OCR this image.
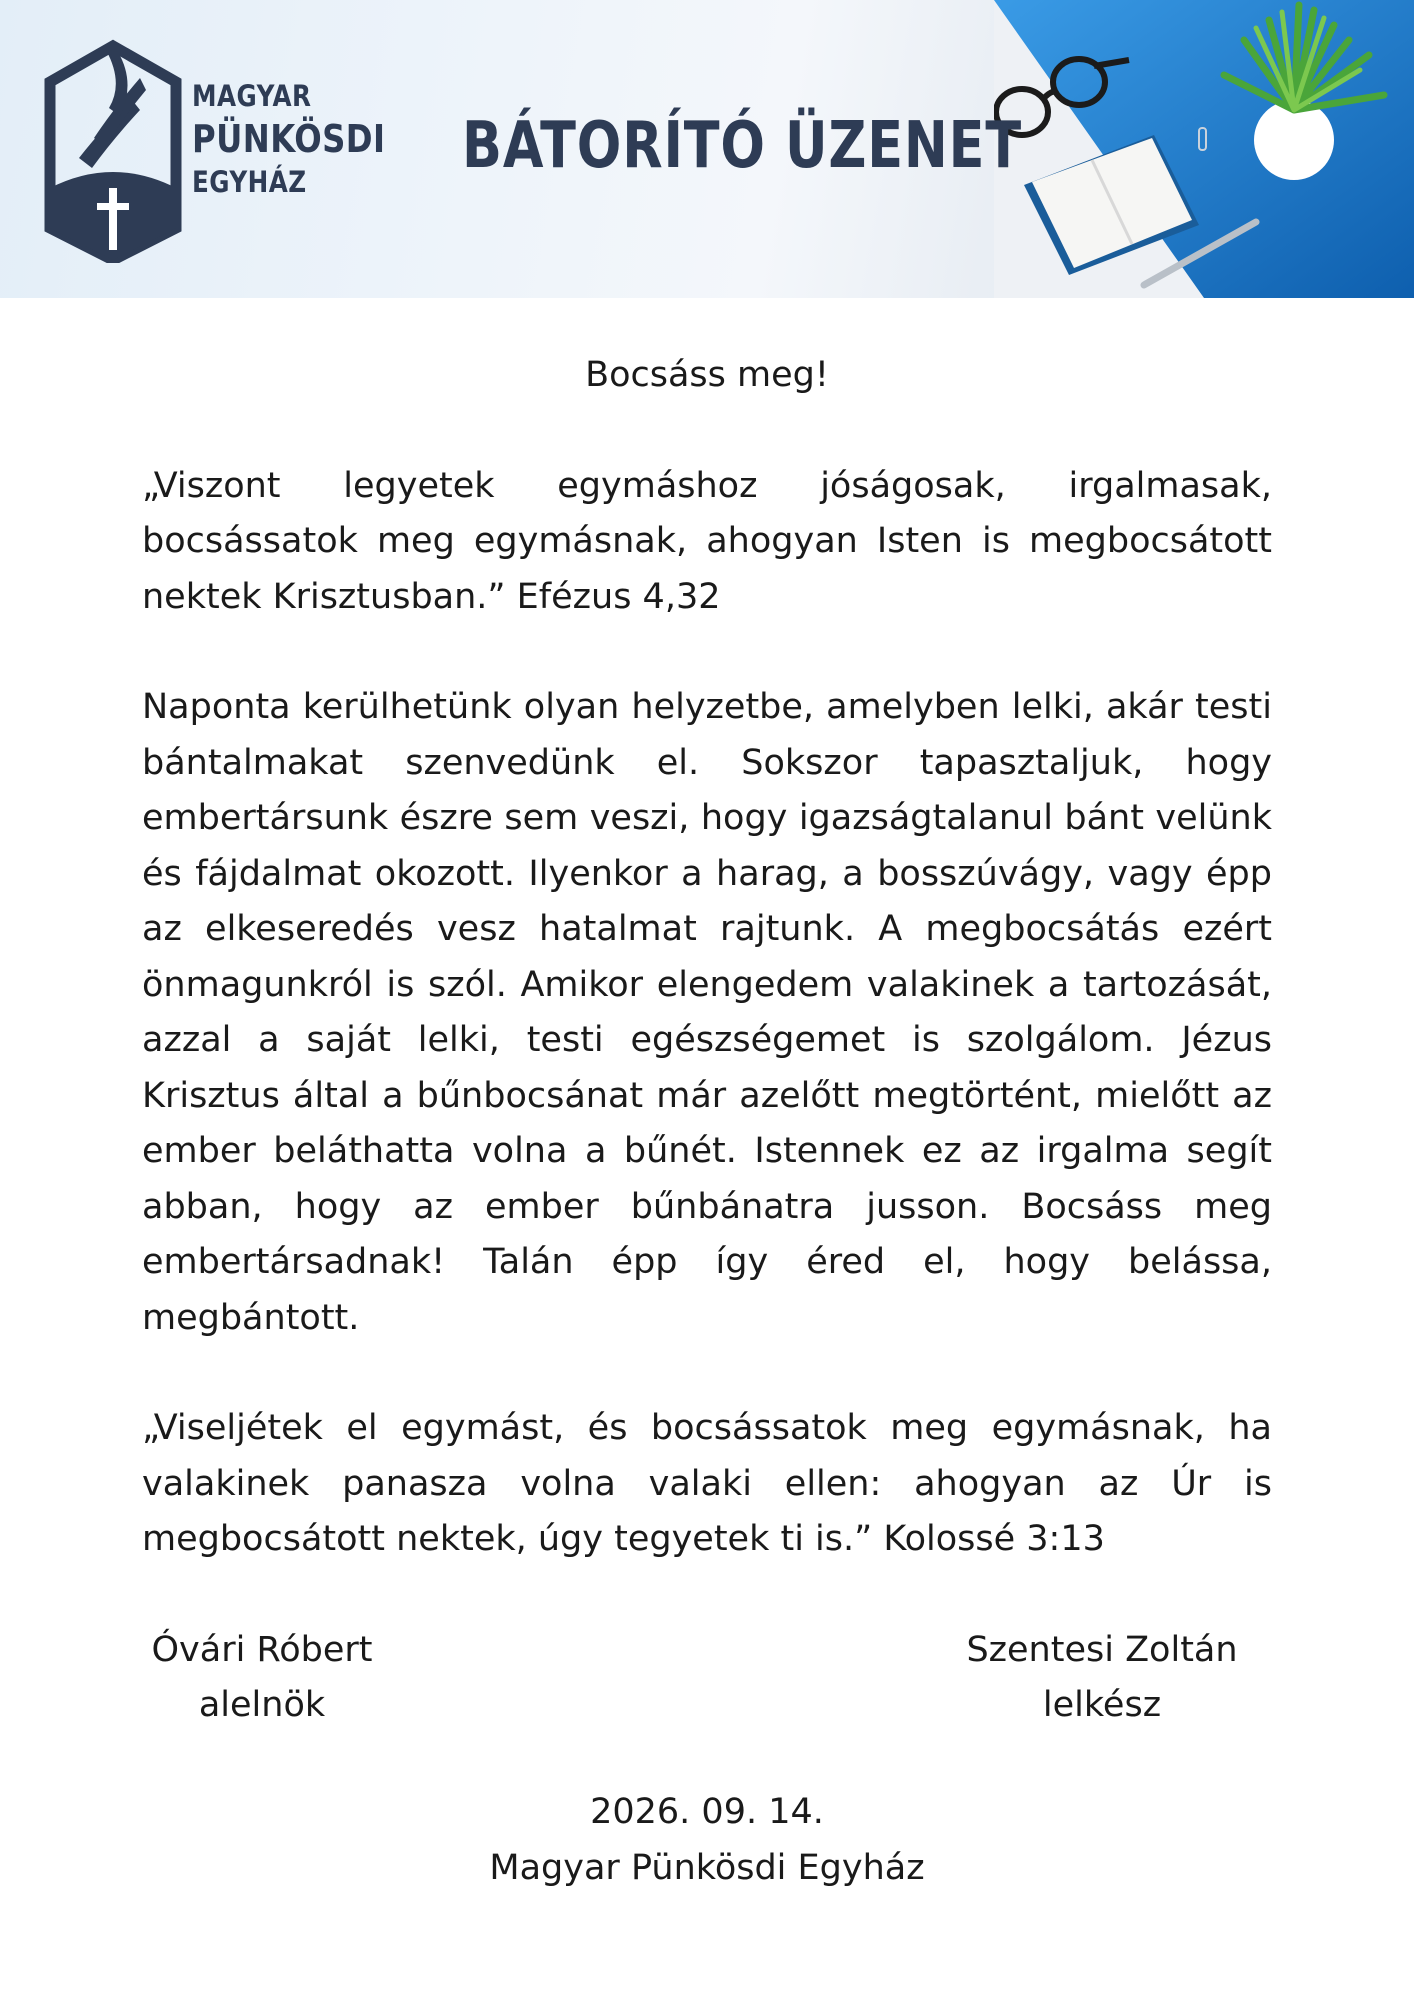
MAGYAR
PÜNKÖSDI
EGYHÁZ	BÁTORÍTÓ ÜZENET
Bocsáss meg!
„Viszont legyetek egymáshoz jóságosak, irgalmasak, bocsássatok meg egymásnak, ahogyan Isten is megbocsátott nektek Krisztusban.” Efézus 4,32
Naponta kerülhetünk olyan helyzetbe, amelyben lelki, akár testi bántalmakat szenvedünk el. Sokszor tapasztaljuk, hogy embertársunk észre sem veszi, hogy igazságtalanul bánt velünk és fájdalmat okozott. Ilyenkor a harag, a bosszúvágy, vagy épp az elkeseredés vesz hatalmat rajtunk. A megbocsátás ezért önmagunkról is szól. Amikor elengedem valakinek a tartozását, azzal a saját lelki, testi egészségemet is szolgálom. Jézus Krisztus által a bűnbocsánat már azelőtt megtörtént, mielőtt az ember beláthatta volna a bűnét. Istennek ez az irgalma segít abban, hogy az ember bűnbánatra jusson. Bocsáss meg embertársadnak! Talán épp így éred el, hogy belássa, megbántott.
„Viseljétek el egymást, és bocsássatok meg egymásnak, ha valakinek panasza volna valaki ellen: ahogyan az Úr is megbocsátott nektek, úgy tegyetek ti is.” Kolossé 3:13
Óvári Róbert
alelnök
Szentesi Zoltán
lelkész
2026. 09. 14.
Magyar Pünkösdi Egyház
